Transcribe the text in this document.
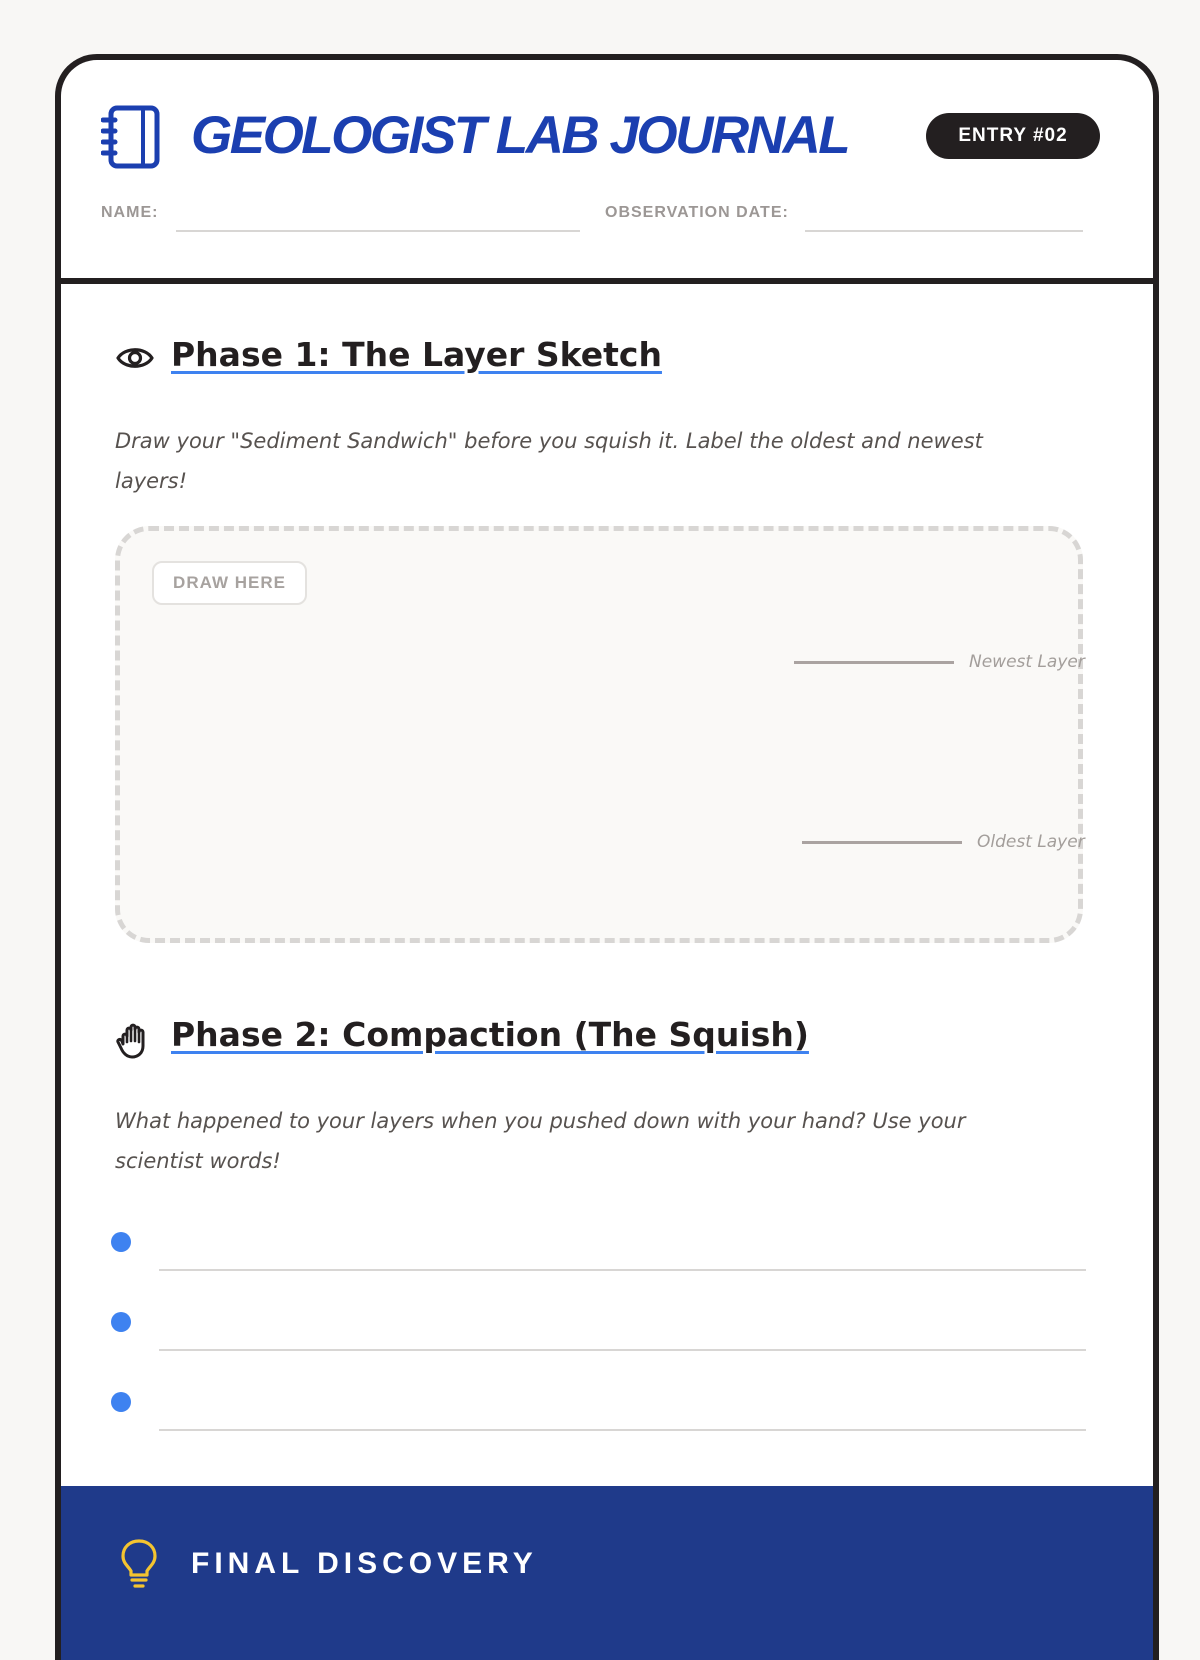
GEOLOGIST LAB JOURNAL	ENTRY #02
NAME:	OBSERVATION DATE:
Phase 1: The Layer Sketch

Draw your "Sediment Sandwich" before you squish it. Label the oldest and newest layers!

DRAW HERE
Newest Layer
Oldest Layer
Phase 2: Compaction (The Squish)

What happened to your layers when you pushed down with your hand? Use your scientist words!

FINAL DISCOVERY
